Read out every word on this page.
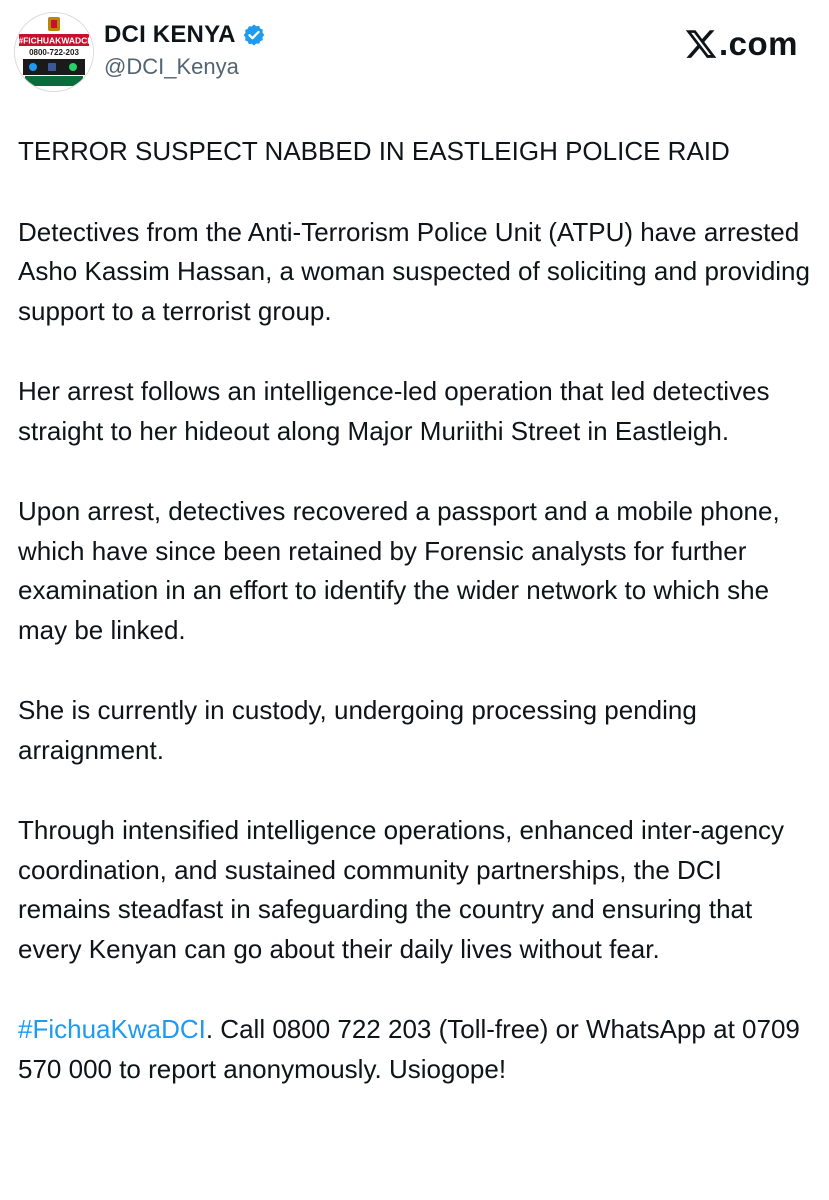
#FICHUAKWADCI
0800-722-203
DCI KENYA
@DCI_Kenya
.com

TERROR SUSPECT NABBED IN EASTLEIGH POLICE RAID

Detectives from the Anti-Terrorism Police Unit (ATPU) have arrested Asho Kassim Hassan, a woman suspected of soliciting and providing support to a terrorist group.

Her arrest follows an intelligence-led operation that led detectives straight to her hideout along Major Muriithi Street in Eastleigh.

Upon arrest, detectives recovered a passport and a mobile phone, which have since been retained by Forensic analysts for further examination in an effort to identify the wider network to which she may be linked.

She is currently in custody, undergoing processing pending arraignment.

Through intensified intelligence operations, enhanced inter-agency coordination, and sustained community partnerships, the DCI remains steadfast in safeguarding the country and ensuring that every Kenyan can go about their daily lives without fear.

#FichuaKwaDCI. Call 0800 722 203 (Toll-free) or WhatsApp at 0709 570 000 to report anonymously. Usiogope!
